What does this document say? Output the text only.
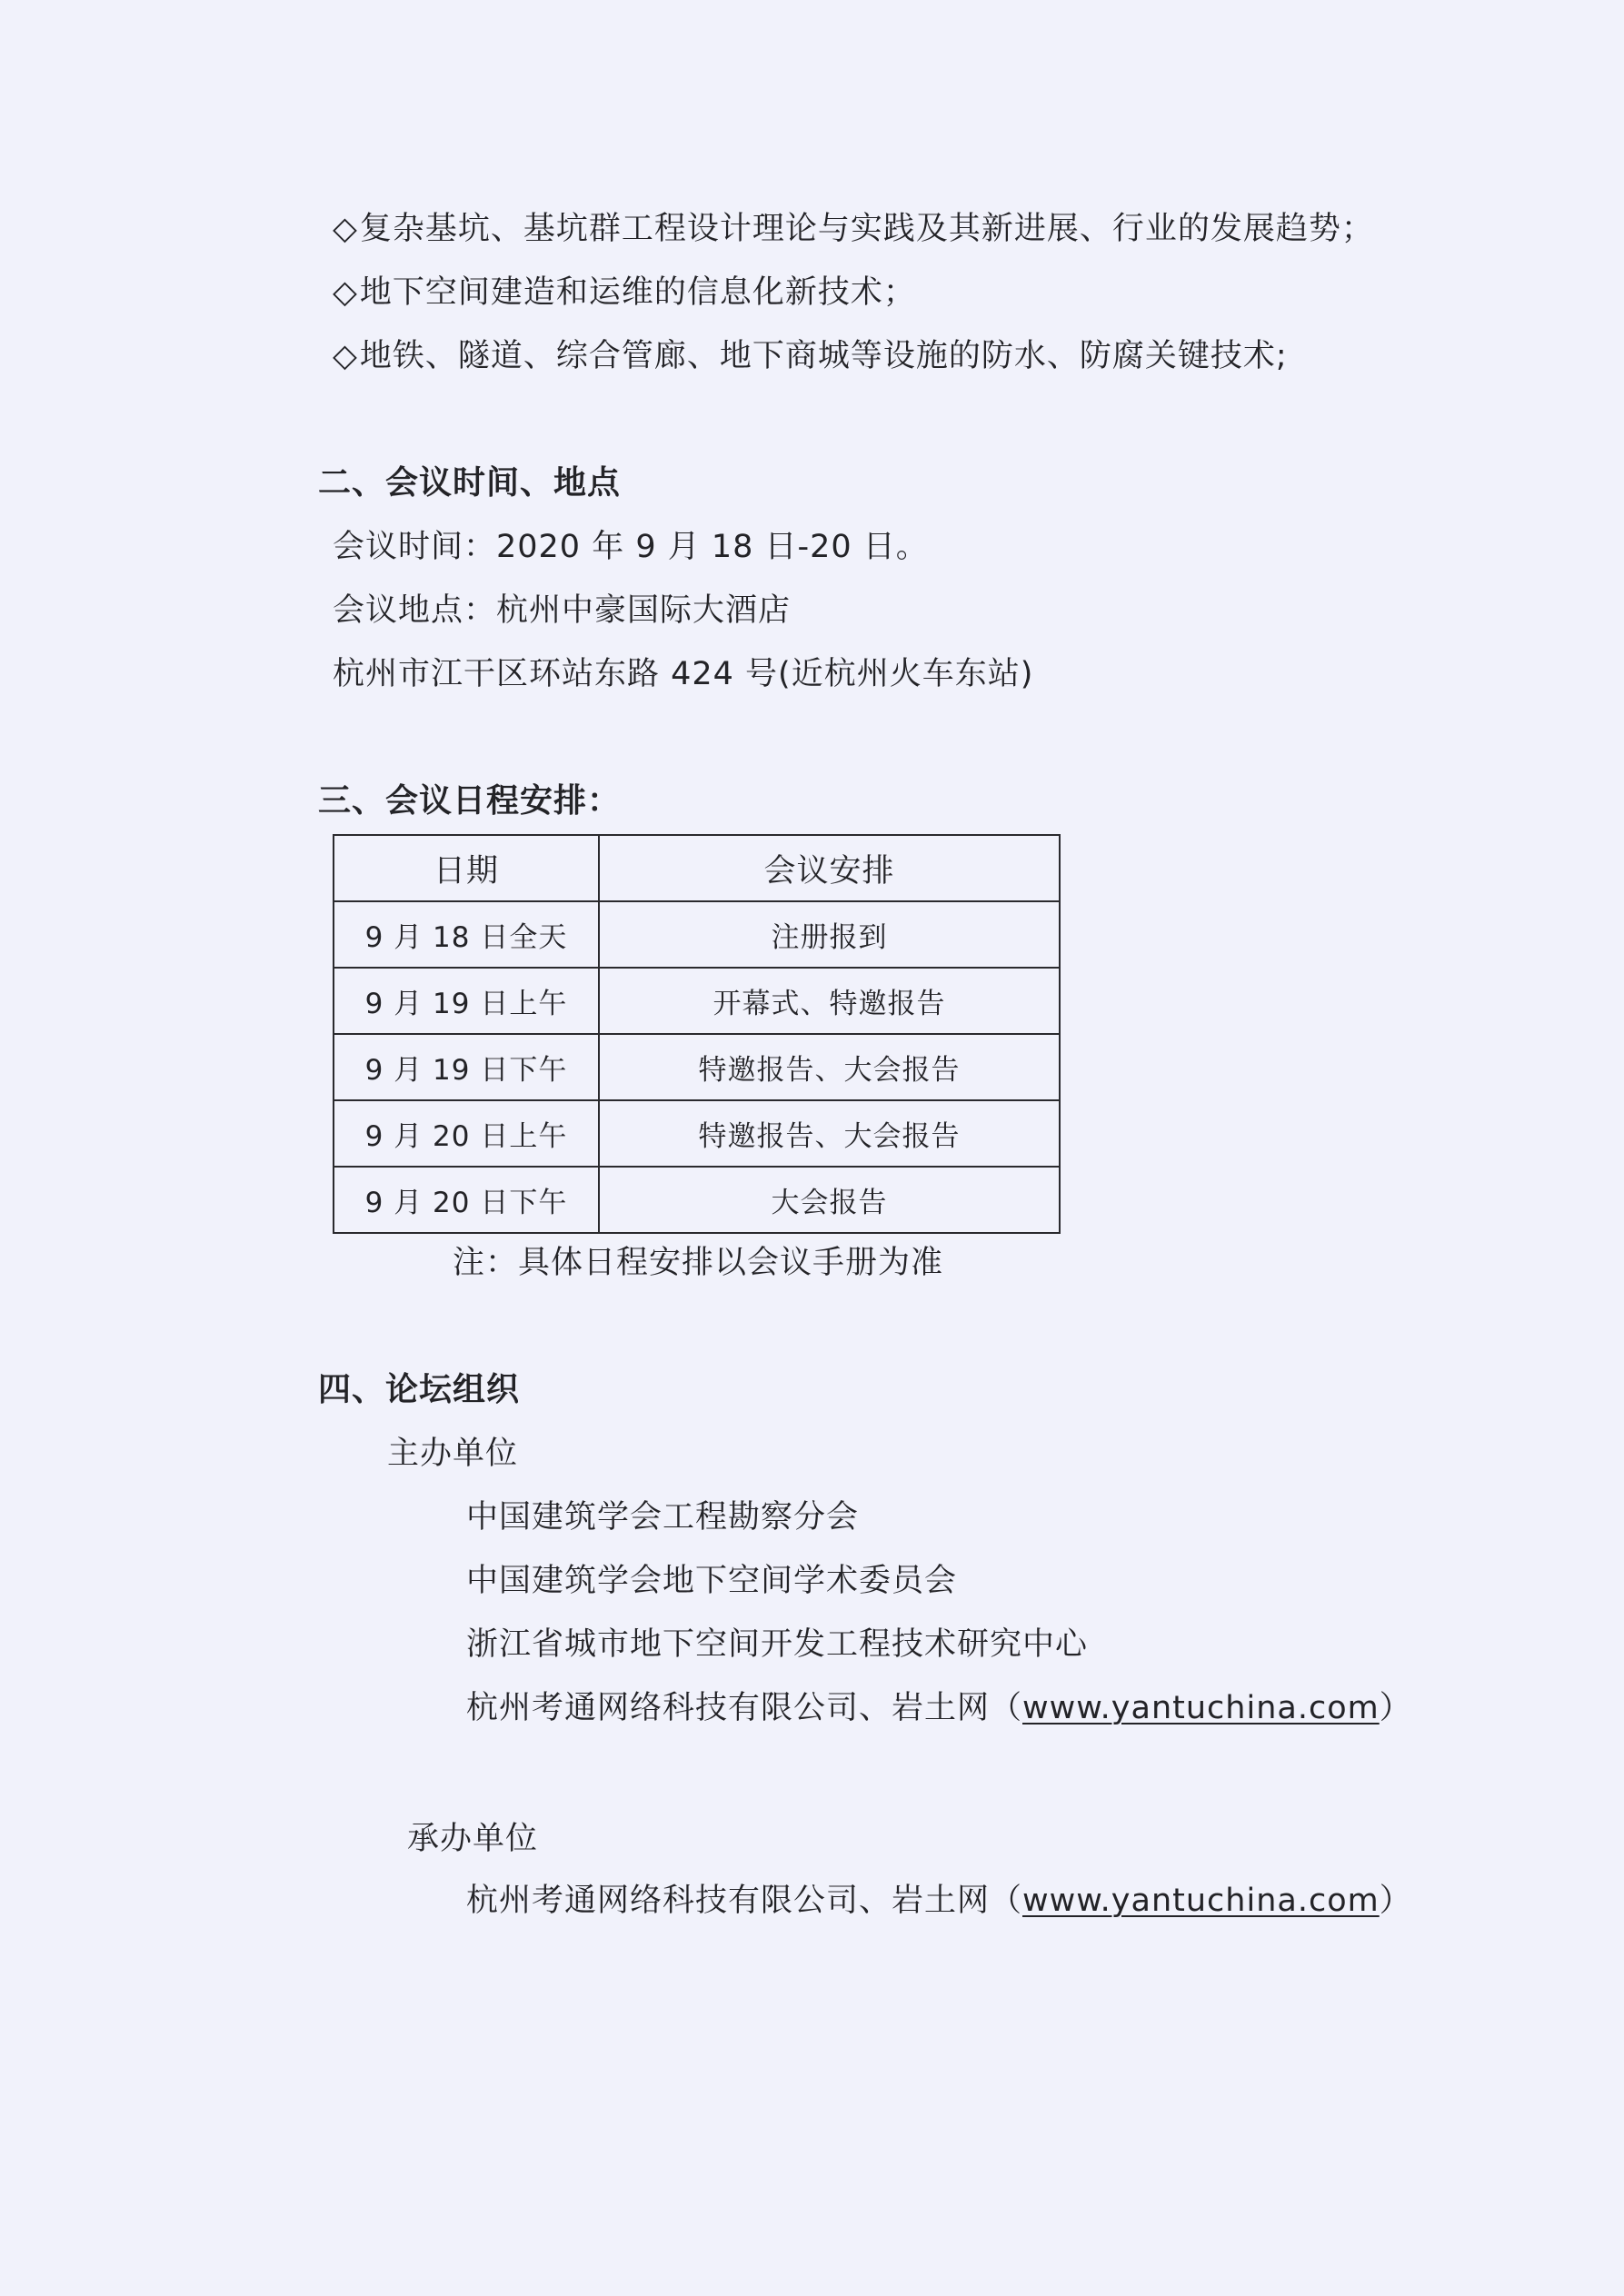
◇复杂基坑、基坑群工程设计理论与实践及其新进展、行业的发展趋势；
◇地下空间建造和运维的信息化新技术；
◇地铁、隧道、综合管廊、地下商城等设施的防水、防腐关键技术;
二、会议时间、地点
会议时间：2020 年 9 月 18 日-20 日。
会议地点：杭州中豪国际大酒店
杭州市江干区环站东路 424 号(近杭州火车东站)
三、会议日程安排：
日期	会议安排
9 月 18 日全天	注册报到
9 月 19 日上午	开幕式、特邀报告
9 月 19 日下午	特邀报告、大会报告
9 月 20 日上午	特邀报告、大会报告
9 月 20 日下午	大会报告
注：具体日程安排以会议手册为准
四、论坛组织
主办单位
中国建筑学会工程勘察分会
中国建筑学会地下空间学术委员会
浙江省城市地下空间开发工程技术研究中心
杭州考通网络科技有限公司、岩土网（www.yantuchina.com）
承办单位
杭州考通网络科技有限公司、岩土网（www.yantuchina.com）
